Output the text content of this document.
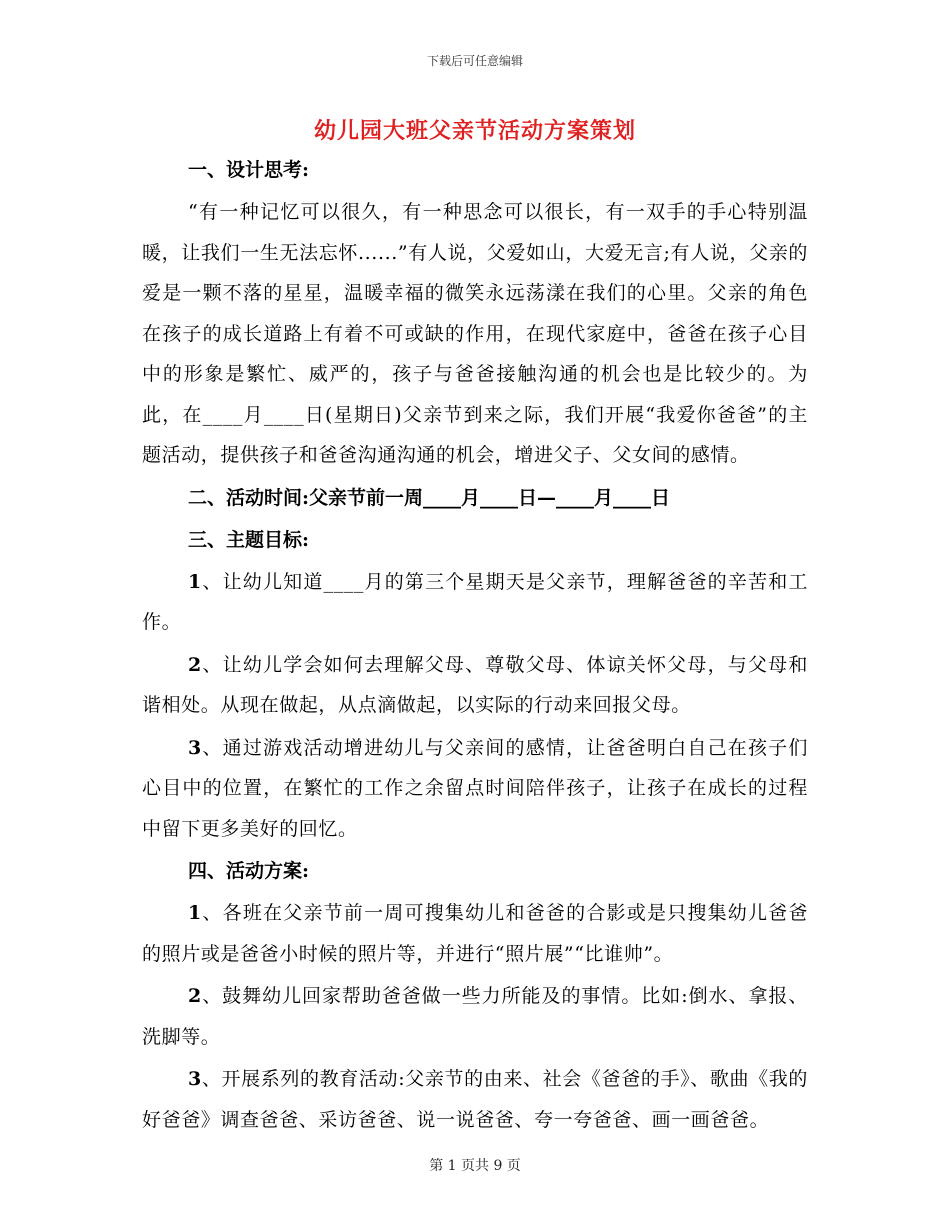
下载后可任意编辑
幼儿园大班父亲节活动方案策划
一、设计思考:

“有一种记忆可以很久，有一种思念可以很长，有一双手的手心特别温暖，让我们一生无法忘怀......”有人说，父爱如山，大爱无言;有人说，父亲的爱是一颗不落的星星，温暖幸福的微笑永远荡漾在我们的心里。父亲的角色在孩子的成长道路上有着不可或缺的作用，在现代家庭中，爸爸在孩子心目中的形象是繁忙、威严的，孩子与爸爸接触沟通的机会也是比较少的。为此，在____月____日(星期日)父亲节到来之际，我们开展“我爱你爸爸”的主题活动，提供孩子和爸爸沟通沟通的机会，增进父子、父女间的感情。

二、活动时间:父亲节前一周____月____日—____月____日
三、主题目标:

1、让幼儿知道____月的第三个星期天是父亲节，理解爸爸的辛苦和工作。

2、让幼儿学会如何去理解父母、尊敬父母、体谅关怀父母，与父母和谐相处。从现在做起，从点滴做起，以实际的行动来回报父母。

3、通过游戏活动增进幼儿与父亲间的感情，让爸爸明白自己在孩子们心目中的位置，在繁忙的工作之余留点时间陪伴孩子，让孩子在成长的过程中留下更多美好的回忆。

四、活动方案:

1、各班在父亲节前一周可搜集幼儿和爸爸的合影或是只搜集幼儿爸爸的照片或是爸爸小时候的照片等，并进行“照片展”“比谁帅”。

2、鼓舞幼儿回家帮助爸爸做一些力所能及的事情。比如:倒水、拿报、洗脚等。

3、开展系列的教育活动:父亲节的由来、社会《爸爸的手》、歌曲《我的好爸爸》调查爸爸、采访爸爸、说一说爸爸、夸一夸爸爸、画一画爸爸。

第 1 页共 9 页
